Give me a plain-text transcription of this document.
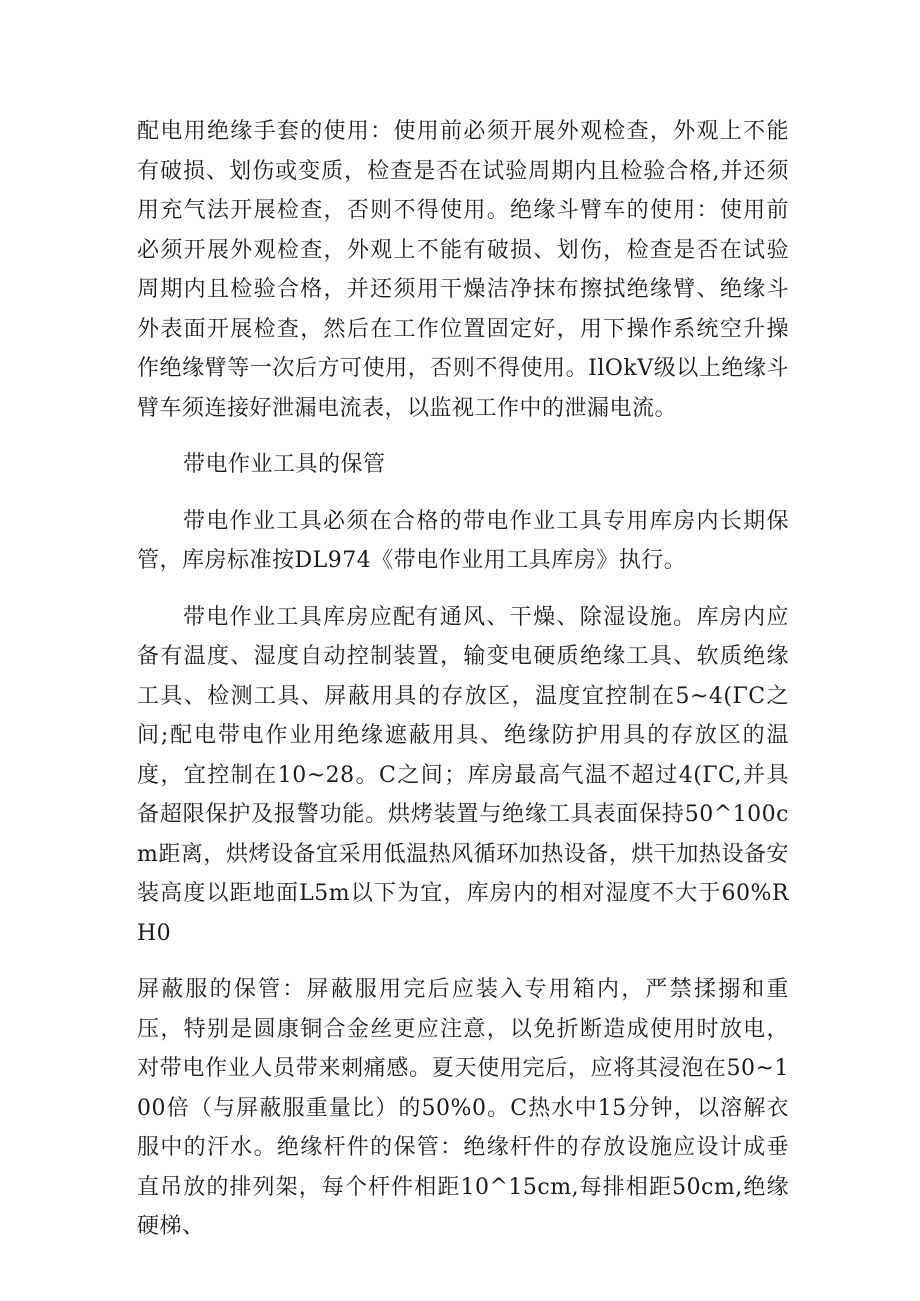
配电用绝缘手套的使用：使用前必须开展外观检查，外观上不能有破损、划伤或变质，检查是否在试验周期内且检验合格,并还须用充气法开展检查，否则不得使用。绝缘斗臂车的使用：使用前必须开展外观检查，外观上不能有破损、划伤，检查是否在试验周期内且检验合格，并还须用干燥洁净抹布擦拭绝缘臂、绝缘斗外表面开展检查，然后在工作位置固定好，用下操作系统空升操作绝缘臂等一次后方可使用，否则不得使用。IlOkV级以上绝缘斗臂车须连接好泄漏电流表，以监视工作中的泄漏电流。

带电作业工具的保管

带电作业工具必须在合格的带电作业工具专用库房内长期保管，库房标准按DL974《带电作业用工具库房》执行。

带电作业工具库房应配有通风、干燥、除湿设施。库房内应备有温度、湿度自动控制装置，输变电硬质绝缘工具、软质绝缘工具、检测工具、屏蔽用具的存放区，温度宜控制在5~4(ΓC之间;配电带电作业用绝缘遮蔽用具、绝缘防护用具的存放区的温度，宜控制在10~28。C之间；库房最高气温不超过4(ΓC,并具备超限保护及报警功能。烘烤装置与绝缘工具表面保持50^100cm距离，烘烤设备宜采用低温热风循环加热设备，烘干加热设备安装高度以距地面L5m以下为宜，库房内的相对湿度不大于60%RH0

屏蔽服的保管：屏蔽服用完后应装入专用箱内，严禁揉搦和重压，特别是圆康铜合金丝更应注意，以免折断造成使用时放电，对带电作业人员带来刺痛感。夏天使用完后，应将其浸泡在50~100倍（与屏蔽服重量比）的50%0。C热水中15分钟，以溶解衣服中的汗水。绝缘杆件的保管：绝缘杆件的存放设施应设计成垂直吊放的排列架，每个杆件相距10^15cm,每排相距50cm,绝缘硬梯、
